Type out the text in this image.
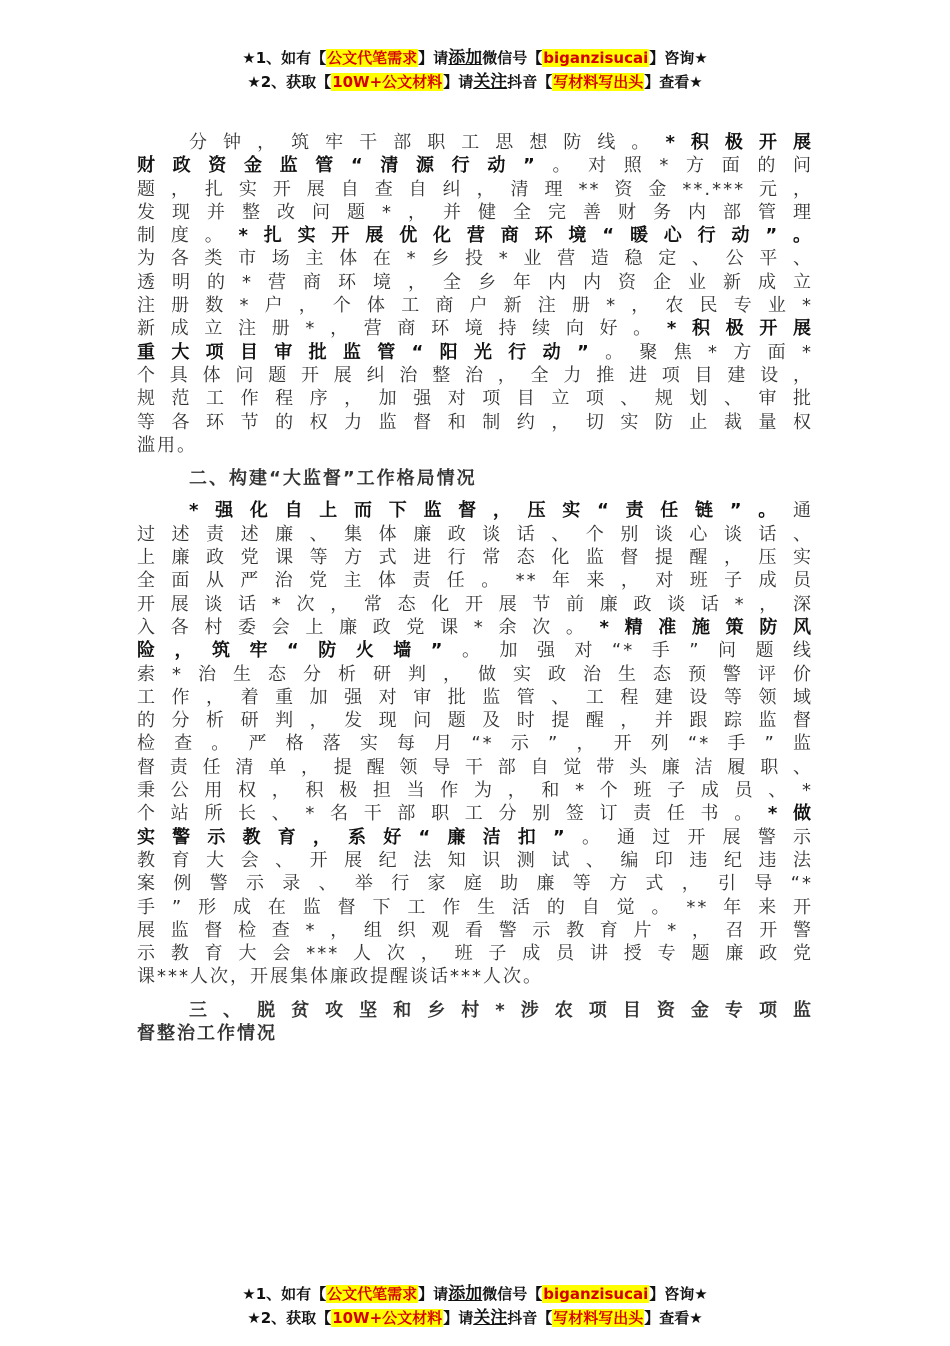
★1、如有【公文代笔需求】请添加微信号【biganzisucai】咨询★
★2、获取【10W+公文材料】请关注抖音【写材料写出头】查看★
分钟，筑牢干部职工思想防线。*积极开展
财政资金监管“清源行动”。对照*方面的问
题，扎实开展自查自纠，清理**资金**.***元，
发现并整改问题*，并健全完善财务内部管理
制度。*扎实开展优化营商环境“暖心行动”。
为各类市场主体在*乡投*业营造稳定、公平、
透明的*营商环境，全乡年内内资企业新成立
注册数*户，个体工商户新注册*，农民专业*
新成立注册*，营商环境持续向好。*积极开展
重大项目审批监管“阳光行动”。聚焦*方面*
个具体问题开展纠治整治，全力推进项目建设，
规范工作程序，加强对项目立项、规划、审批
等各环节的权力监督和制约，切实防止裁量权
滥用。
二、构建“大监督”工作格局情况
*强化自上而下监督，压实“责任链”。通
过述责述廉、集体廉政谈话、个别谈心谈话、
上廉政党课等方式进行常态化监督提醒，压实
全面从严治党主体责任。**年来，对班子成员
开展谈话*次，常态化开展节前廉政谈话*，深
入各村委会上廉政党课*余次。*精准施策防风
险，筑牢“防火墙”。加强对“*手”问题线
索*治生态分析研判，做实政治生态预警评价
工作，着重加强对审批监管、工程建设等领域
的分析研判，发现问题及时提醒，并跟踪监督
检查。严格落实每月“*示”，开列“*手”监
督责任清单，提醒领导干部自觉带头廉洁履职、
秉公用权，积极担当作为，和*个班子成员、*
个站所长、*名干部职工分别签订责任书。*做
实警示教育，系好“廉洁扣”。通过开展警示
教育大会、开展纪法知识测试、编印违纪违法
案例警示录、举行家庭助廉等方式，引导“*
手”形成在监督下工作生活的自觉。**年来开
展监督检查*，组织观看警示教育片*，召开警
示教育大会***人次，班子成员讲授专题廉政党
课***人次，开展集体廉政提醒谈话***人次。
三、脱贫攻坚和乡村*涉农项目资金专项监
督整治工作情况
★1、如有【公文代笔需求】请添加微信号【biganzisucai】咨询★
★2、获取【10W+公文材料】请关注抖音【写材料写出头】查看★
